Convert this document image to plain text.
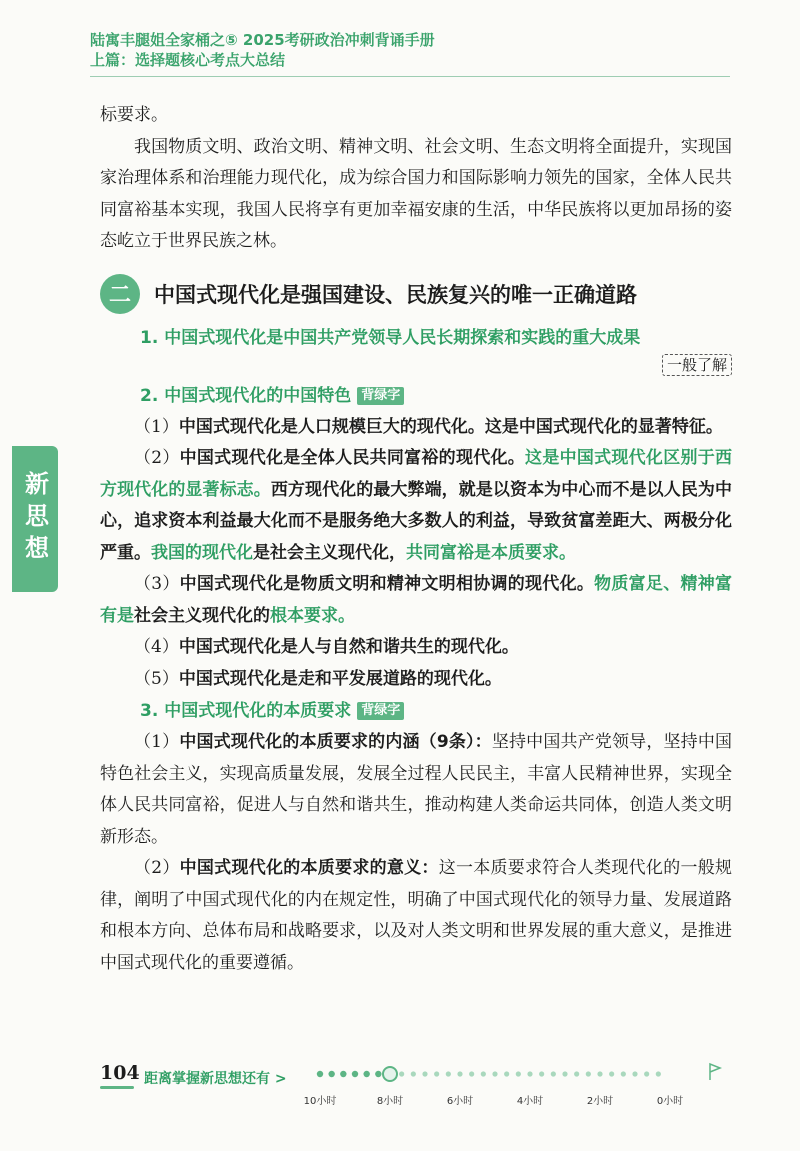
陆寓丰腿姐全家桶之⑤ 2025考研政治冲刺背诵手册
上篇：选择题核心考点大总结
新思想

标要求。

我国物质文明、政治文明、精神文明、社会文明、生态文明将全面提升，实现国家治理体系和治理能力现代化，成为综合国力和国际影响力领先的国家，全体人民共同富裕基本实现，我国人民将享有更加幸福安康的生活，中华民族将以更加昂扬的姿态屹立于世界民族之林。

二	中国式现代化是强国建设、民族复兴的唯一正确道路
1. 中国式现代化是中国共产党领导人民长期探索和实践的重大成果
一般了解
2. 中国式现代化的中国特色 背绿字

（1）中国式现代化是人口规模巨大的现代化。这是中国式现代化的显著特征。

（2）中国式现代化是全体人民共同富裕的现代化。这是中国式现代化区别于西方现代化的显著标志。西方现代化的最大弊端，就是以资本为中心而不是以人民为中心，追求资本利益最大化而不是服务绝大多数人的利益，导致贫富差距大、两极分化严重。我国的现代化是社会主义现代化，共同富裕是本质要求。

（3）中国式现代化是物质文明和精神文明相协调的现代化。物质富足、精神富有是社会主义现代化的根本要求。

（4）中国式现代化是人与自然和谐共生的现代化。

（5）中国式现代化是走和平发展道路的现代化。

3. 中国式现代化的本质要求 背绿字

（1）中国式现代化的本质要求的内涵（9条）：坚持中国共产党领导，坚持中国特色社会主义，实现高质量发展，发展全过程人民民主，丰富人民精神世界，实现全体人民共同富裕，促进人与自然和谐共生，推动构建人类命运共同体，创造人类文明新形态。

（2）中国式现代化的本质要求的意义：这一本质要求符合人类现代化的一般规律，阐明了中国式现代化的内在规定性，明确了中国式现代化的领导力量、发展道路和根本方向、总体布局和战略要求，以及对人类文明和世界发展的重大意义，是推进中国式现代化的重要遵循。

104 距离掌握新思想还有 >
10小时	8小时	6小时	4小时	2小时	0小时
